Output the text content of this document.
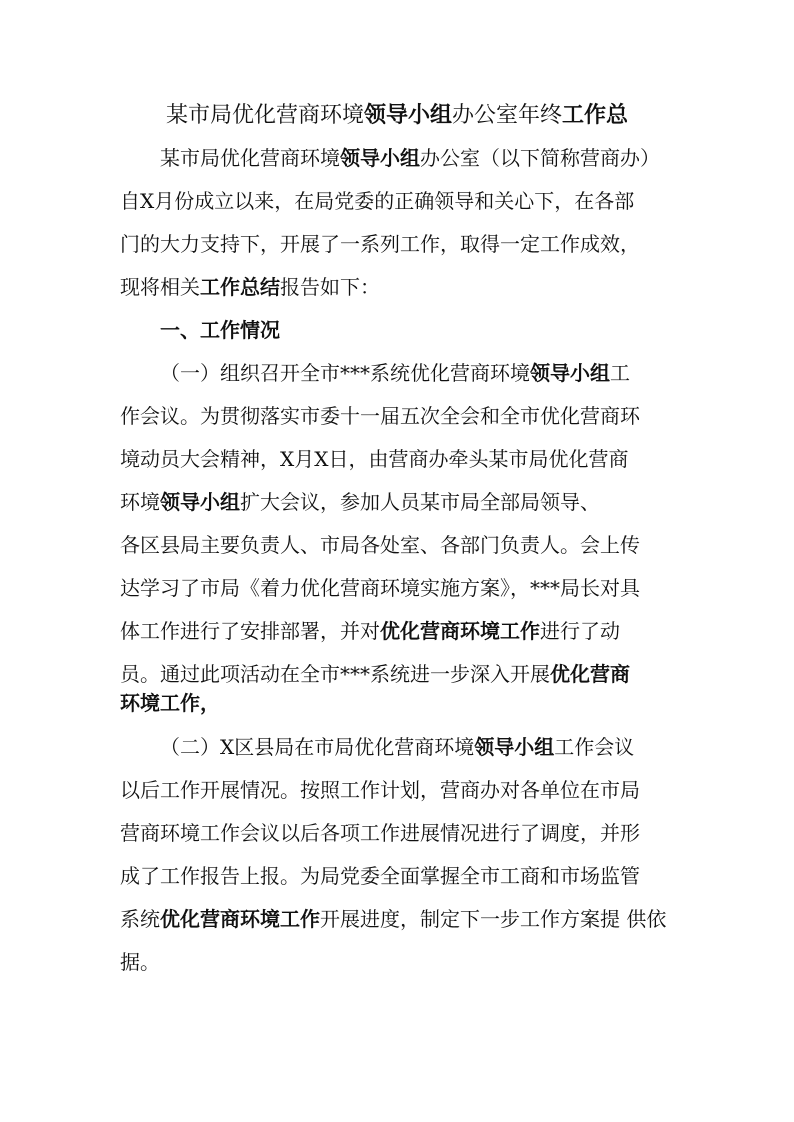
某市局优化营商环境领导小组办公室年终工作总
某市局优化营商环境领导小组办公室（以下简称营商办）
自X月份成立以来，在局党委的正确领导和关心下，在各部
门的大力支持下，开展了一系列工作，取得一定工作成效，
现将相关工作总结报告如下：
一、工作情况
（一）组织召开全市***系统优化营商环境领导小组工
作会议。为贯彻落实市委十一届五次全会和全市优化营商环
境动员大会精神，X月X日，由营商办牵头某市局优化营商
环境领导小组扩大会议，参加人员某市局全部局领导、
各区县局主要负责人、市局各处室、各部门负责人。会上传
达学习了市局《着力优化营商环境实施方案》，***局长对具
体工作进行了安排部署，并对优化营商环境工作进行了动
员。通过此项活动在全市***系统进一步深入开展优化营商
环境工作，
（二）X区县局在市局优化营商环境领导小组工作会议
以后工作开展情况。按照工作计划，营商办对各单位在市局
营商环境工作会议以后各项工作进展情况进行了调度，并形
成了工作报告上报。为局党委全面掌握全市工商和市场监管
系统优化营商环境工作开展进度，制定下一步工作方案提 供依
据。
